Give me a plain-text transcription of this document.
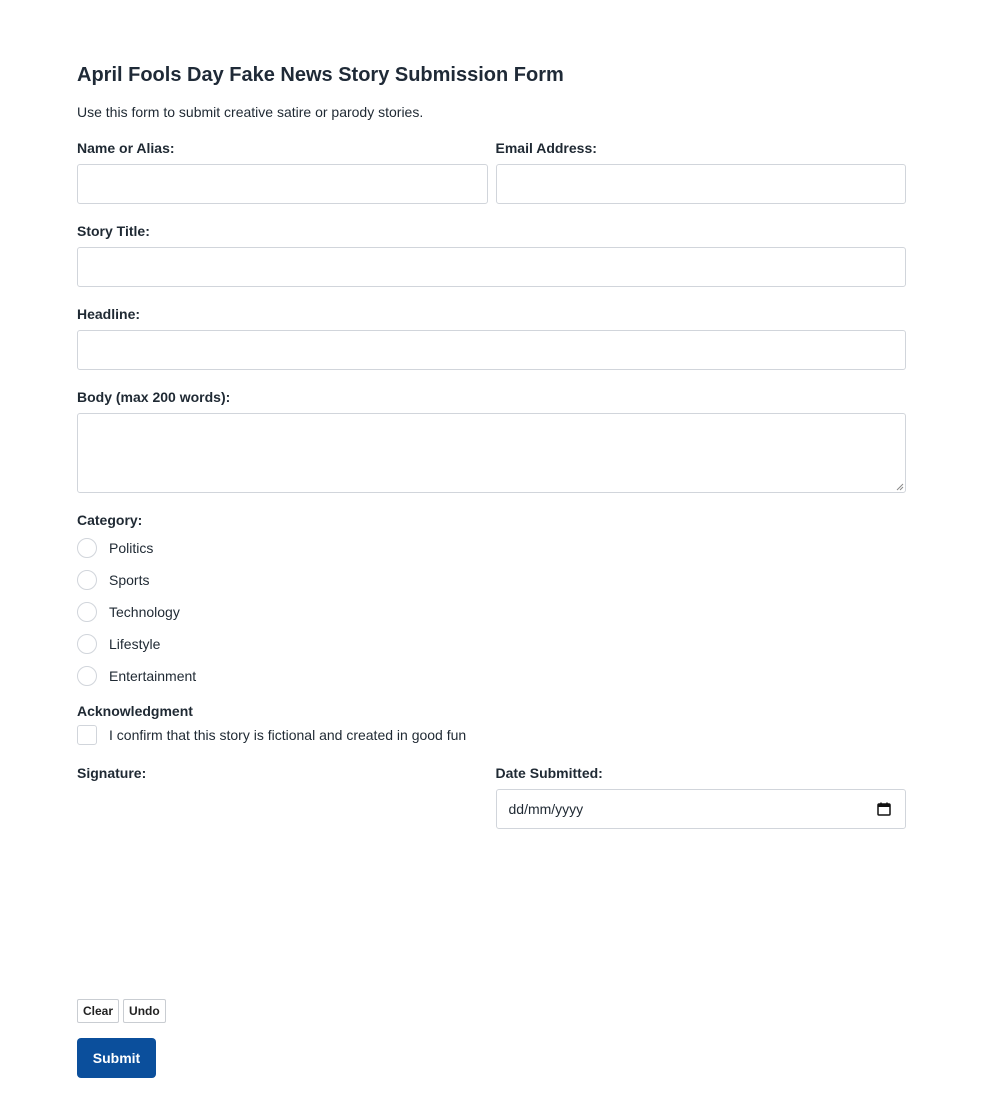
April Fools Day Fake News Story Submission Form

Use this form to submit creative satire or parody stories.

Name or Alias:	Email Address:
Story Title:
Headline:
Body (max 200 words):
Category:
Politics
Sports
Technology
Lifestyle
Entertainment
Acknowledgment
I confirm that this story is fictional and created in good fun
Signature:	Date Submitted:
dd/mm/yyyy
Clear	Undo
Submit
